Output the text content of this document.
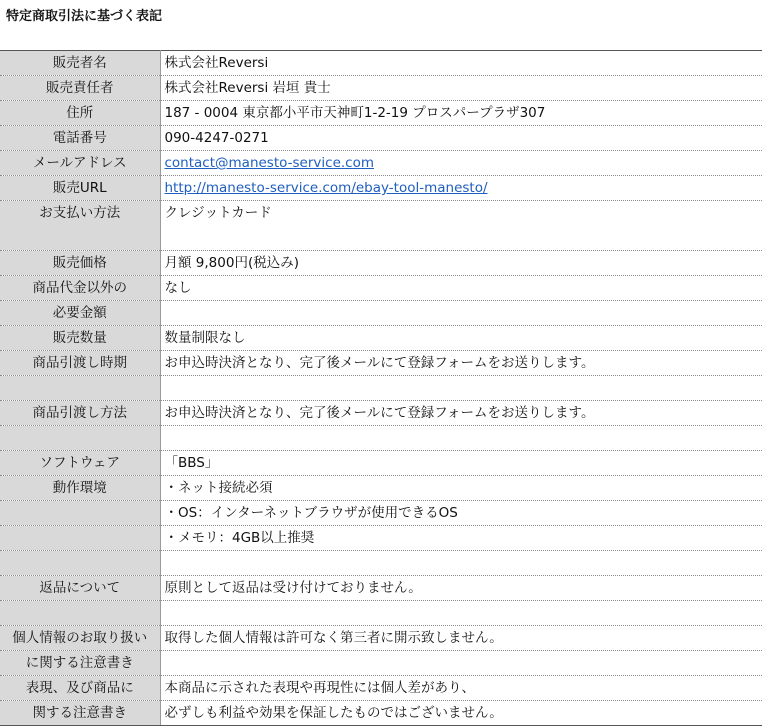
特定商取引法に基づく表記
販売者名	株式会社Reversi
販売責任者	株式会社Reversi 岩垣 貴士
住所	187 - 0004 東京都小平市天神町1-2-19 プロスパープラザ307
電話番号	090-4247-0271
メールアドレス	contact@manesto-service.com
販売URL	http://manesto-service.com/ebay-tool-manesto/
お支払い方法	クレジットカード
販売価格	月額 9,800円(税込み)
商品代金以外の	なし
必要金額	
販売数量	数量制限なし
商品引渡し時期	お申込時決済となり、完了後メールにて登録フォームをお送りします。

商品引渡し方法	お申込時決済となり、完了後メールにて登録フォームをお送りします。

ソフトウェア	「BBS」
動作環境	・ネット接続必須
	・OS：インターネットブラウザが使用できるOS
	・メモリ：4GB以上推奨

返品について	原則として返品は受け付けておりません。

個人情報のお取り扱い	取得した個人情報は許可なく第三者に開示致しません。
に関する注意書き	
表現、及び商品に	本商品に示された表現や再現性には個人差があり、
関する注意書き	必ずしも利益や効果を保証したものではございません。
